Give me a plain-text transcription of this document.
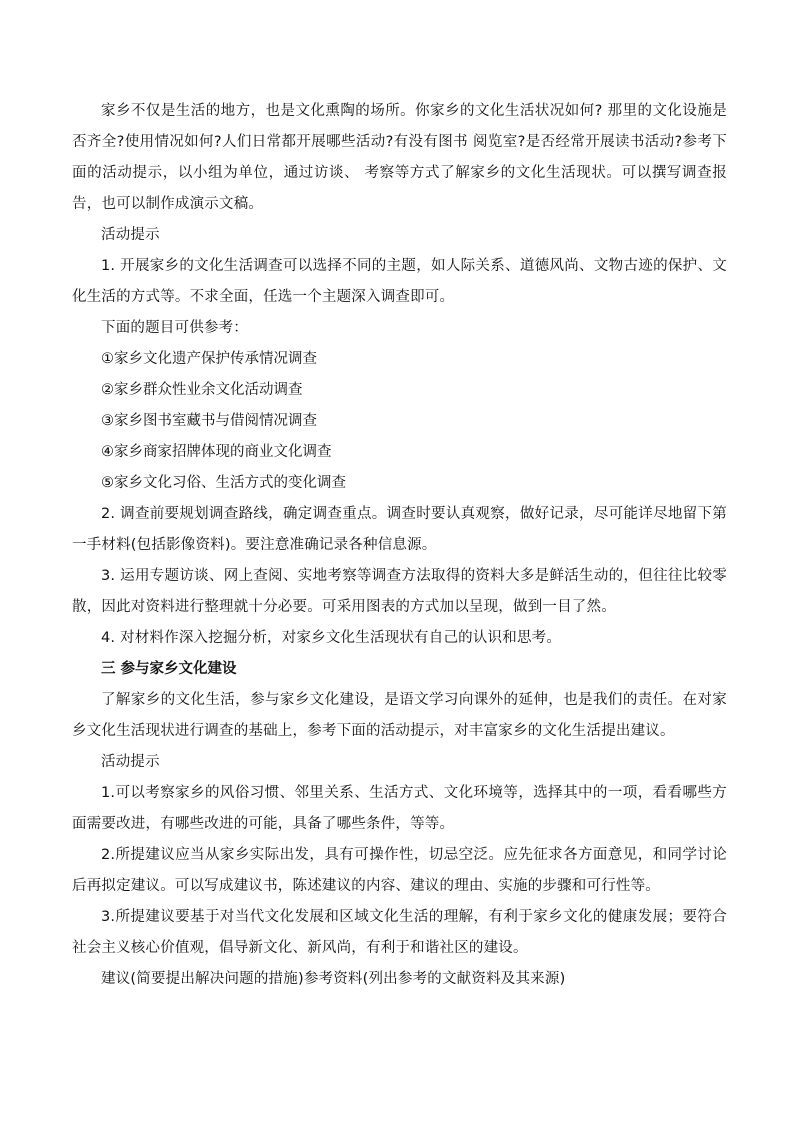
家乡不仅是生活的地方，也是文化熏陶的场所。你家乡的文化生活状况如何? 那里的文化设施是否齐全?使用情况如何?人们日常都开展哪些活动?有没有图书 阅览室?是否经常开展读书活动?参考下面的活动提示，以小组为单位，通过访谈、 考察等方式了解家乡的文化生活现状。可以撰写调查报告，也可以制作成演示文稿。

活动提示

1. 开展家乡的文化生活调查可以选择不同的主题，如人际关系、道德风尚、文物古迹的保护、文化生活的方式等。不求全面，任选一个主题深入调查即可。

下面的题目可供参考：

①家乡文化遗产保护传承情况调查

②家乡群众性业余文化活动调查

③家乡图书室藏书与借阅情况调查

④家乡商家招牌体现的商业文化调查

⑤家乡文化习俗、生活方式的变化调查

2. 调查前要规划调查路线，确定调查重点。调查时要认真观察，做好记录，尽可能详尽地留下第一手材料(包括影像资料)。要注意准确记录各种信息源。

3. 运用专题访谈、网上查阅、实地考察等调查方法取得的资料大多是鲜活生动的，但往往比较零散，因此对资料进行整理就十分必要。可采用图表的方式加以呈现，做到一目了然。

4. 对材料作深入挖掘分析，对家乡文化生活现状有自己的认识和思考。

三 参与家乡文化建设

了解家乡的文化生活，参与家乡文化建设，是语文学习向课外的延伸，也是我们的责任。在对家乡文化生活现状进行调查的基础上，参考下面的活动提示，对丰富家乡的文化生活提出建议。

活动提示

1.可以考察家乡的风俗习惯、邻里关系、生活方式、文化环境等，选择其中的一项，看看哪些方面需要改进，有哪些改进的可能，具备了哪些条件，等等。

2.所提建议应当从家乡实际出发，具有可操作性，切忌空泛。应先征求各方面意见，和同学讨论后再拟定建议。可以写成建议书，陈述建议的内容、建议的理由、实施的步骤和可行性等。

3.所提建议要基于对当代文化发展和区域文化生活的理解，有利于家乡文化的健康发展；要符合社会主义核心价值观，倡导新文化、新风尚，有利于和谐社区的建设。

建议(简要提出解决问题的措施)参考资料(列出参考的文献资料及其来源)
